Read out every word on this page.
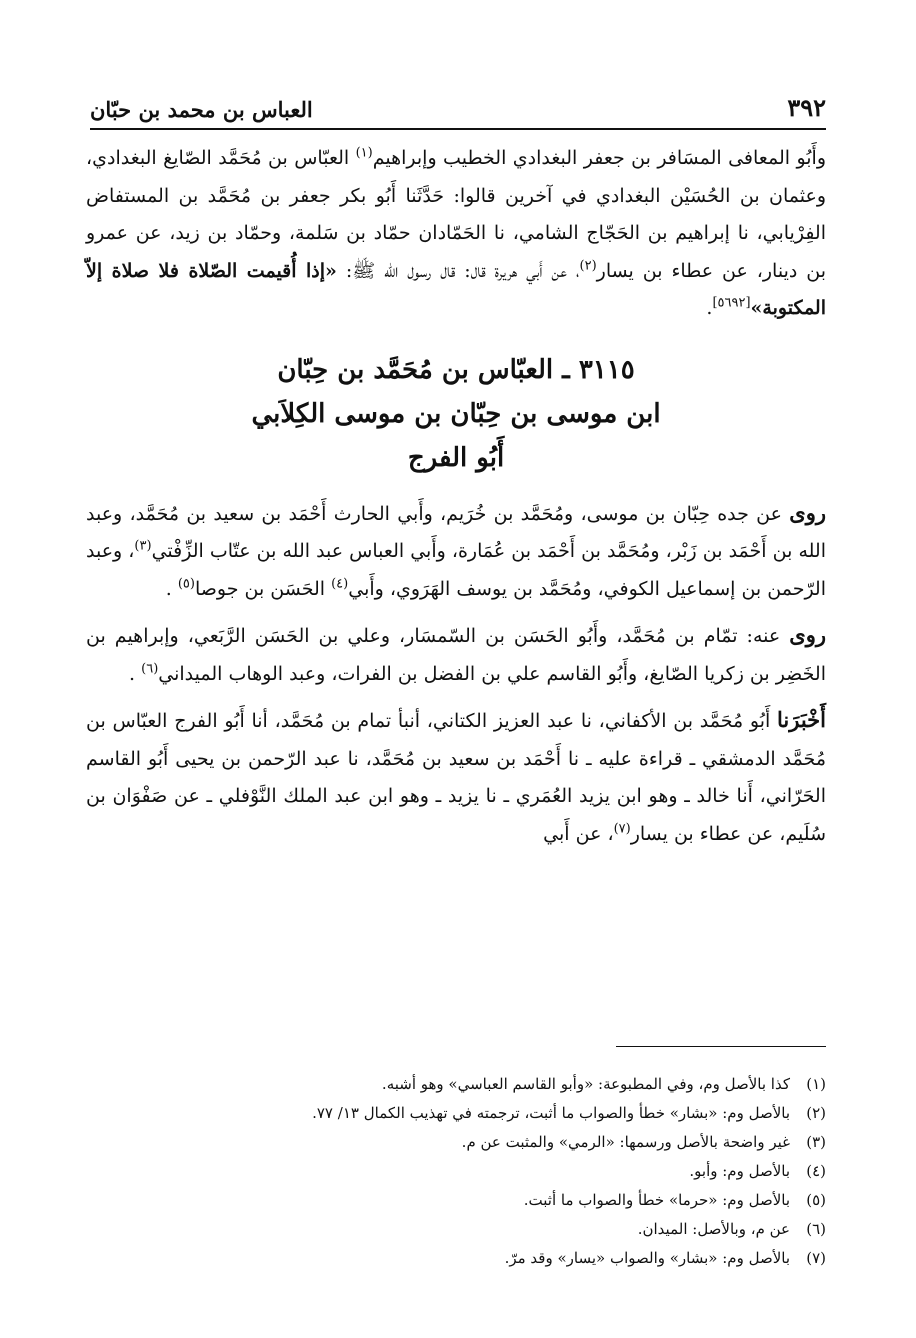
٣٩٢
العباس بن محمد بن حبّان

وأَبُو المعافى المسَافر بن جعفر البغدادي الخطيب وإبراهيم$^{(١)}$ العبّاس بن مُحَمَّد الصّايغ البغدادي، وعثمان بن الحُسَيْن البغدادي في آخرين قالوا: حَدَّثَنا أَبُو بكر جعفر بن مُحَمَّد بن المستفاض الفِرْيابي، نا إبراهيم بن الحَجّاج الشامي، نا الحَمّادان حمّاد بن سَلمة، وحمّاد بن زيد، عن عمرو بن دينار، عن عطاء بن يسار$^{(٢)}$، عن أَبي هريرة قال: قال رسول الله ﷺ: «إذا أُقيمت الصّلاة فلا صلاة إلاّ المكتوبة»[٥٦٩٢].

٣١١٥ ـ العبّاس بن مُحَمَّد بن حِبّان
ابن موسى بن حِبّان بن موسى الكِلاَبي
أَبُو الفرج

روى عن جده حِبّان بن موسى، ومُحَمَّد بن خُرَيم، وأَبي الحارث أَحْمَد بن سعيد بن مُحَمَّد، وعبد الله بن أَحْمَد بن زَبْر، ومُحَمَّد بن أَحْمَد بن عُمَارة، وأَبي العباس عبد الله بن عتّاب الزِّفْتي$^{(٣)}$، وعبد الرّحمن بن إسماعيل الكوفي، ومُحَمَّد بن يوسف الهَرَوي، وأَبي$^{(٤)}$ الحَسَن بن جوصا$^{(٥)}$ .

روى عنه: تمّام بن مُحَمَّد، وأَبُو الحَسَن بن السّمسَار، وعلي بن الحَسَن الرَّبَعي، وإبراهيم بن الخَضِر بن زكريا الصّايغ، وأَبُو القاسم علي بن الفضل بن الفرات، وعبد الوهاب الميداني$^{(٦)}$ .

أَخْبَرَنا أَبُو مُحَمَّد بن الأكفاني، نا عبد العزيز الكتاني، أنبأ تمام بن مُحَمَّد، أنا أَبُو الفرج العبّاس بن مُحَمَّد الدمشقي ـ قراءة عليه ـ نا أَحْمَد بن سعيد بن مُحَمَّد، نا عبد الرّحمن بن يحيى أَبُو القاسم الحَرّاني، أَنا خالد ـ وهو ابن يزيد العُمَري ـ نا يزيد ـ وهو ابن عبد الملك النَّوْفلي ـ عن صَفْوَان بن سُلَيم، عن عطاء بن يسار$^{(٧)}$، عن أَبي

(١)
كذا بالأصل وم، وفي المطبوعة: «وأبو القاسم العباسي» وهو أشبه.
(٢)
بالأصل وم: «بشار» خطأ والصواب ما أثبت، ترجمته في تهذيب الكمال ١٣/ ٧٧.
(٣)
غير واضحة بالأصل ورسمها: «الرمي» والمثبت عن م.
(٤)
بالأصل وم: وأبو.
(٥)
بالأصل وم: «حرما» خطأ والصواب ما أثبت.
(٦)
عن م، وبالأصل: الميدان.
(٧)
بالأصل وم: «بشار» والصواب «يسار» وقد مرّ.
